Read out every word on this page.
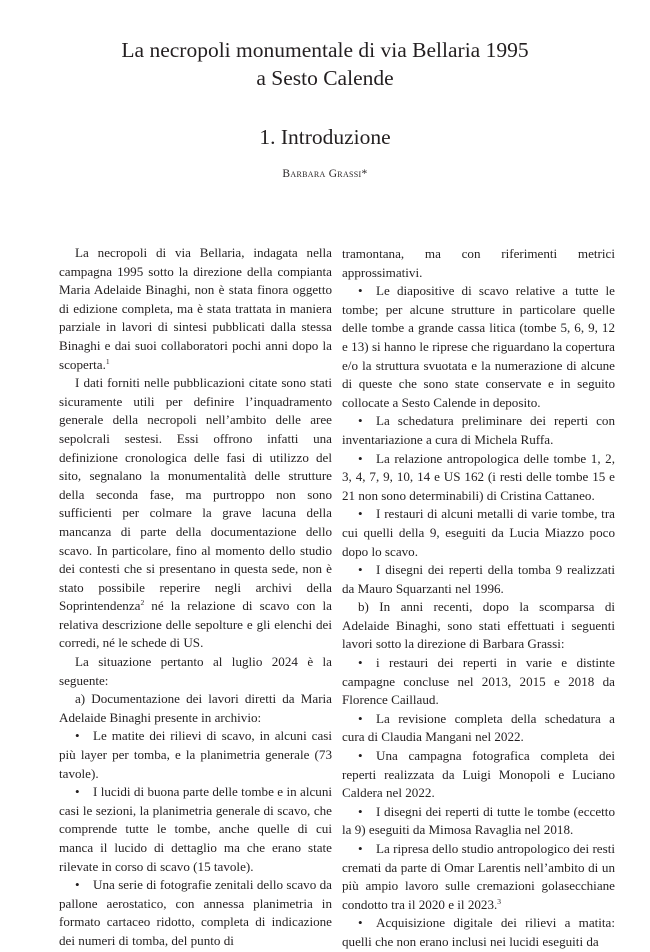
La necropoli monumentale di via Bellaria 1995
a Sesto Calende
1. Introduzione

Barbara Grassi*

La necropoli di via Bellaria, indagata nella campagna 1995 sotto la direzione della compianta Maria Adelaide Binaghi, non è stata finora oggetto di edizione completa, ma è stata trattata in maniera parziale in lavori di sintesi pubblicati dalla stessa Binaghi e dai suoi collaboratori pochi anni dopo la scoperta.$^1$

I dati forniti nelle pubblicazioni citate sono stati sicuramente utili per definire l’inquadramento generale della necropoli nell’ambito delle aree sepolcrali sestesi. Essi offrono infatti una definizione cronologica delle fasi di utilizzo del sito, segnalano la monumentalità delle strutture della seconda fase, ma purtroppo non sono sufficienti per colmare la grave lacuna della mancanza di parte della documentazione dello scavo. In particolare, fino al momento dello studio dei contesti che si presentano in questa sede, non è stato possibile reperire negli archivi della Soprintendenza$^2$ né la relazione di scavo con la relativa descrizione delle sepolture e gli elenchi dei corredi, né le schede di US.

La situazione pertanto al luglio 2024 è la seguente:

a) Documentazione dei lavori diretti da Maria Adelaide Binaghi presente in archivio:

• Le matite dei rilievi di scavo, in alcuni casi più layer per tomba, e la planimetria generale (73 tavole).

• I lucidi di buona parte delle tombe e in alcuni casi le sezioni, la planimetria generale di scavo, che comprende tutte le tombe, anche quelle di cui manca il lucido di dettaglio ma che erano state rilevate in corso di scavo (15 tavole).

• Una serie di fotografie zenitali dello scavo da pallone aerostatico, con annessa planimetria in formato cartaceo ridotto, completa di indicazione dei numeri di tomba, del punto di

tramontana, ma con riferimenti metrici approssimativi.

• Le diapositive di scavo relative a tutte le tombe; per alcune strutture in particolare quelle delle tombe a grande cassa litica (tombe 5, 6, 9, 12 e 13) si hanno le riprese che riguardano la copertura e/o la struttura svuotata e la numerazione di alcune di queste che sono state conservate e in seguito collocate a Sesto Calende in deposito.

• La schedatura preliminare dei reperti con inventariazione a cura di Michela Ruffa.

• La relazione antropologica delle tombe 1, 2, 3, 4, 7, 9, 10, 14 e US 162 (i resti delle tombe 15 e 21 non sono determinabili) di Cristina Cattaneo.

• I restauri di alcuni metalli di varie tombe, tra cui quelli della 9, eseguiti da Lucia Miazzo poco dopo lo scavo.

• I disegni dei reperti della tomba 9 realizzati da Mauro Squarzanti nel 1996.

b) In anni recenti, dopo la scomparsa di Adelaide Binaghi, sono stati effettuati i seguenti lavori sotto la direzione di Barbara Grassi:

• i restauri dei reperti in varie e distinte campagne concluse nel 2013, 2015 e 2018 da Florence Caillaud.

• La revisione completa della schedatura a cura di Claudia Mangani nel 2022.

• Una campagna fotografica completa dei reperti realizzata da Luigi Monopoli e Luciano Caldera nel 2022.

• I disegni dei reperti di tutte le tombe (eccetto la 9) eseguiti da Mimosa Ravaglia nel 2018.

• La ripresa dello studio antropologico dei resti cremati da parte di Omar Larentis nell’ambito di un più ampio lavoro sulle cremazioni golasecchiane condotto tra il 2020 e il 2023.$^3$

• Acquisizione digitale dei rilievi a matita: quelli che non erano inclusi nei lucidi eseguiti da
